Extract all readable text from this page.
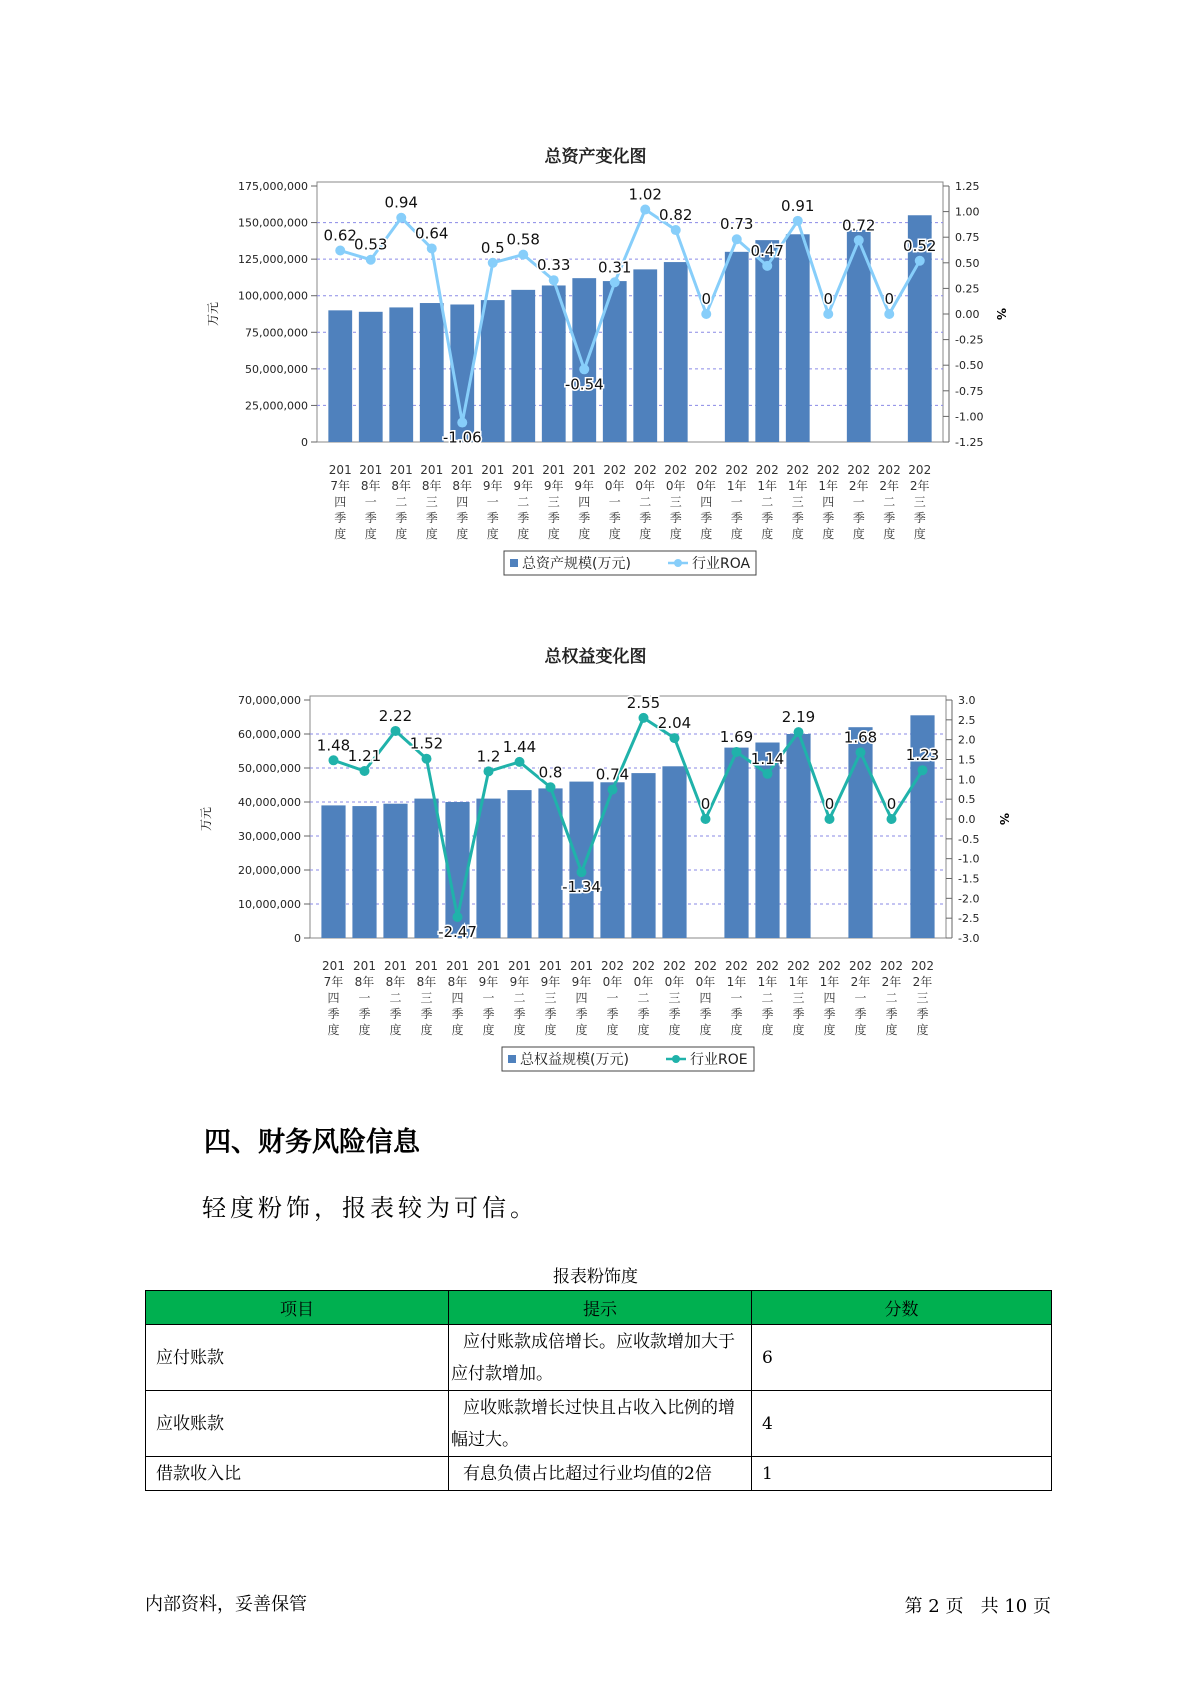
总资产变化图
175,000,000
150,000,000
125,000,000
100,000,000
75,000,000
50,000,000
25,000,000
0
1.25
1.00
0.75
0.50
0.25
0.00
-0.25
-0.50
-0.75
-1.00
-1.25
万元	%
0.62
0.53
0.94
0.64
-1.06
0.5 0.58
0.33
-0.54
0.31
1.02
0.82
0
0.73
0.47
0.91
0
0.72
0
0.52
201
7年
四
季
度
201
8年
一
季
度
201
8年
二
季
度
201
8年
三
季
度
201
8年
四
季
度
201
9年
一
季
度
201
9年
二
季
度
201
9年
三
季
度
201
9年
四
季
度
202
0年
一
季
度
202
0年
二
季
度
202
0年
三
季
度
202
0年
四
季
度
202
1年
一
季
度
202
1年
二
季
度
202
1年
三
季
度
202
1年
四
季
度
202
2年
一
季
度
202
2年
二
季
度
202
2年
三
季
度
总资产规模(万元)	行业ROA
总权益变化图
70,000,000
60,000,000
50,000,000
40,000,000
30,000,000
20,000,000
10,000,000
0
3.0
2.5
2.0
1.5
1.0
0.5
0.0
-0.5
-1.0
-1.5
-2.0
-2.5
-3.0
万元	%
1.48
1.21
2.22
1.52
-2.47
1.2
1.44
0.8
-1.34
0.74
2.55
2.04
0
1.69
1.14
2.19
0
1.68
0
1.23
201
7年
四
季
度
201
8年
一
季
度
201
8年
二
季
度
201
8年
三
季
度
201
8年
四
季
度
201
9年
一
季
度
201
9年
二
季
度
201
9年
三
季
度
201
9年
四
季
度
202
0年
一
季
度
202
0年
二
季
度
202
0年
三
季
度
202
0年
四
季
度
202
1年
一
季
度
202
1年
二
季
度
202
1年
三
季
度
202
1年
四
季
度
202
2年
一
季
度
202
2年
二
季
度
202
2年
三
季
度
总权益规模(万元)	行业ROE
四、财务风险信息
轻度粉饰，报表较为可信。
报表粉饰度
项目	提示	分数
应付账款	应付账款成倍增长。应收款增加大于应付款增加。	6
应收账款	应收账款增长过快且占收入比例的增幅过大。	4
借款收入比	有息负债占比超过行业均值的2倍	1
内部资料，妥善保管	第 2 页   共 10 页
